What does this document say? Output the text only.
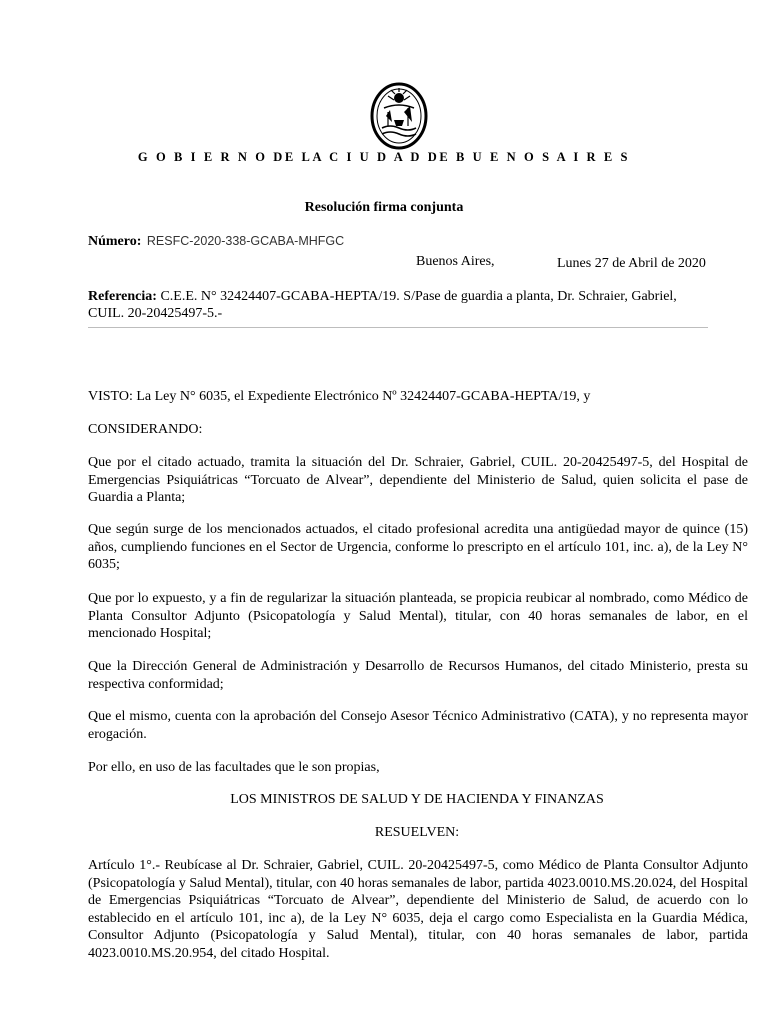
G O B I E R N O DE LA C I U D A D DE B U E N O S A I R E S
Resolución firma conjunta
Número: RESFC-2020-338-GCABA-MHFGC
Buenos Aires,	Lunes 27 de Abril de 2020
Referencia: C.E.E. N° 32424407-GCABA-HEPTA/19. S/Pase de guardia a planta, Dr. Schraier, Gabriel, CUIL. 20-20425497-5.-

VISTO: La Ley N° 6035, el Expediente Electrónico Nº 32424407-GCABA-HEPTA/19, y

CONSIDERANDO:

Que por el citado actuado, tramita la situación del Dr. Schraier, Gabriel, CUIL. 20-20425497-5, del Hospital de Emergencias Psiquiátricas “Torcuato de Alvear”, dependiente del Ministerio de Salud, quien solicita el pase de Guardia a Planta;

Que según surge de los mencionados actuados, el citado profesional acredita una antigüedad mayor de quince (15) años, cumpliendo funciones en el Sector de Urgencia, conforme lo prescripto en el artículo 101, inc. a), de la Ley N° 6035;

Que por lo expuesto, y a fin de regularizar la situación planteada, se propicia reubicar al nombrado, como Médico de Planta Consultor Adjunto (Psicopatología y Salud Mental), titular, con 40 horas semanales de labor, en el mencionado Hospital;

Que la Dirección General de Administración y Desarrollo de Recursos Humanos, del citado Ministerio, presta su respectiva conformidad;

Que el mismo, cuenta con la aprobación del Consejo Asesor Técnico Administrativo (CATA), y no representa mayor erogación.

Por ello, en uso de las facultades que le son propias,

LOS MINISTROS DE SALUD Y DE HACIENDA Y FINANZAS
RESUELVEN:

Artículo 1°.- Reubícase al Dr. Schraier, Gabriel, CUIL. 20-20425497-5, como Médico de Planta Consultor Adjunto (Psicopatología y Salud Mental), titular, con 40 horas semanales de labor, partida 4023.0010.MS.20.024, del Hospital de Emergencias Psiquiátricas “Torcuato de Alvear”, dependiente del Ministerio de Salud, de acuerdo con lo establecido en el artículo 101, inc a), de la Ley N° 6035, deja el cargo como Especialista en la Guardia Médica, Consultor Adjunto (Psicopatología y Salud Mental), titular, con 40 horas semanales de labor, partida 4023.0010.MS.20.954, del citado Hospital.
